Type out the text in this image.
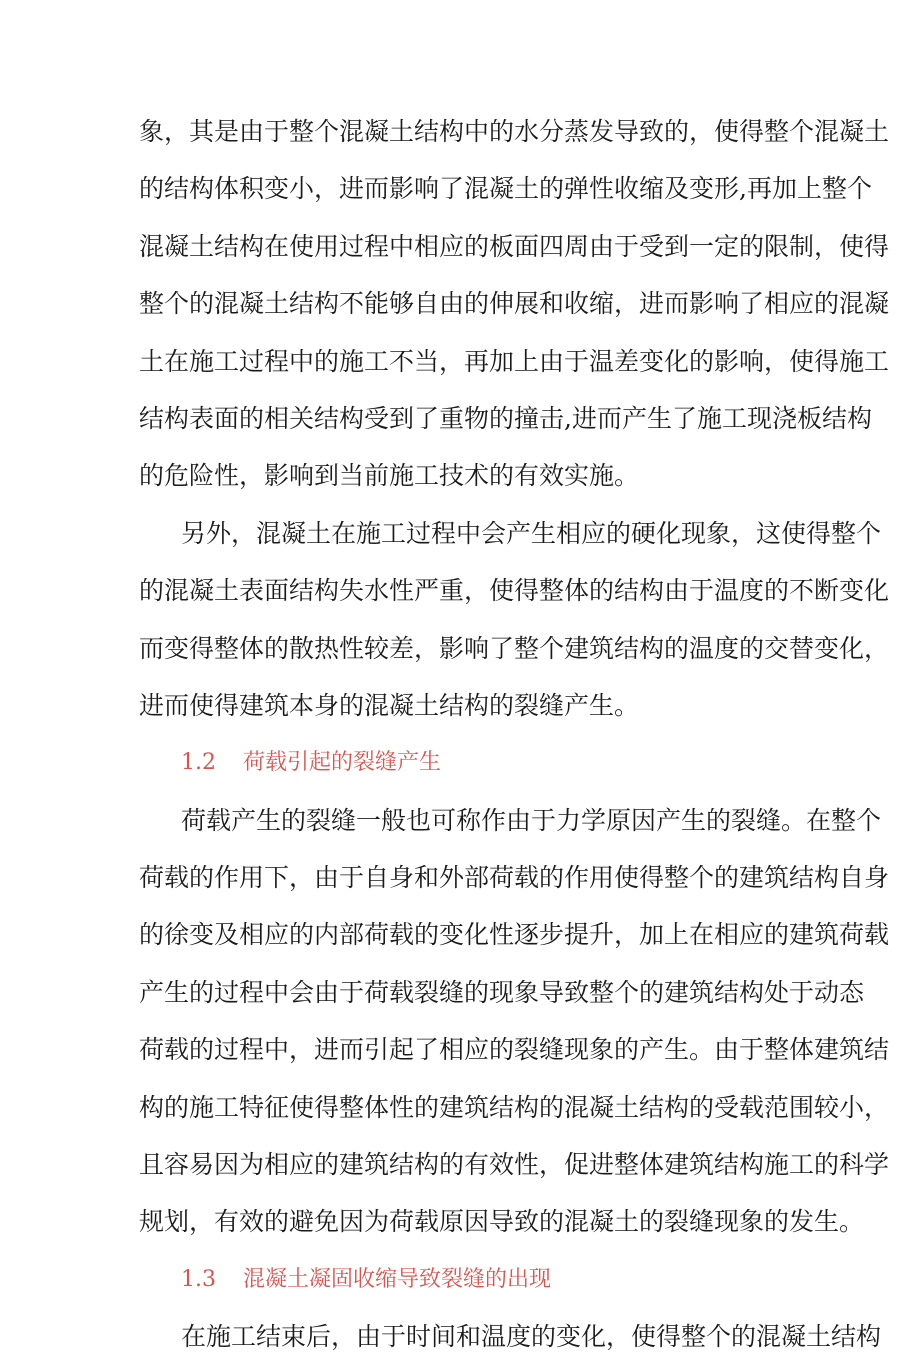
象，其是由于整个混凝土结构中的水分蒸发导致的，使得整个混凝土
的结构体积变小，进而影响了混凝土的弹性收缩及变形,再加上整个
混凝土结构在使用过程中相应的板面四周由于受到一定的限制，使得
整个的混凝土结构不能够自由的伸展和收缩，进而影响了相应的混凝
土在施工过程中的施工不当，再加上由于温差变化的影响，使得施工
结构表面的相关结构受到了重物的撞击,进而产生了施工现浇板结构
的危险性，影响到当前施工技术的有效实施。
另外，混凝土在施工过程中会产生相应的硬化现象，这使得整个
的混凝土表面结构失水性严重，使得整体的结构由于温度的不断变化
而变得整体的散热性较差，影响了整个建筑结构的温度的交替变化，
进而使得建筑本身的混凝土结构的裂缝产生。
1.2 荷载引起的裂缝产生
荷载产生的裂缝一般也可称作由于力学原因产生的裂缝。在整个
荷载的作用下，由于自身和外部荷载的作用使得整个的建筑结构自身
的徐变及相应的内部荷载的变化性逐步提升，加上在相应的建筑荷载
产生的过程中会由于荷载裂缝的现象导致整个的建筑结构处于动态
荷载的过程中，进而引起了相应的裂缝现象的产生。由于整体建筑结
构的施工特征使得整体性的建筑结构的混凝土结构的受载范围较小，
且容易因为相应的建筑结构的有效性，促进整体建筑结构施工的科学
规划，有效的避免因为荷载原因导致的混凝土的裂缝现象的发生。
1.3 混凝土凝固收缩导致裂缝的出现
在施工结束后，由于时间和温度的变化，使得整个的混凝土结构
